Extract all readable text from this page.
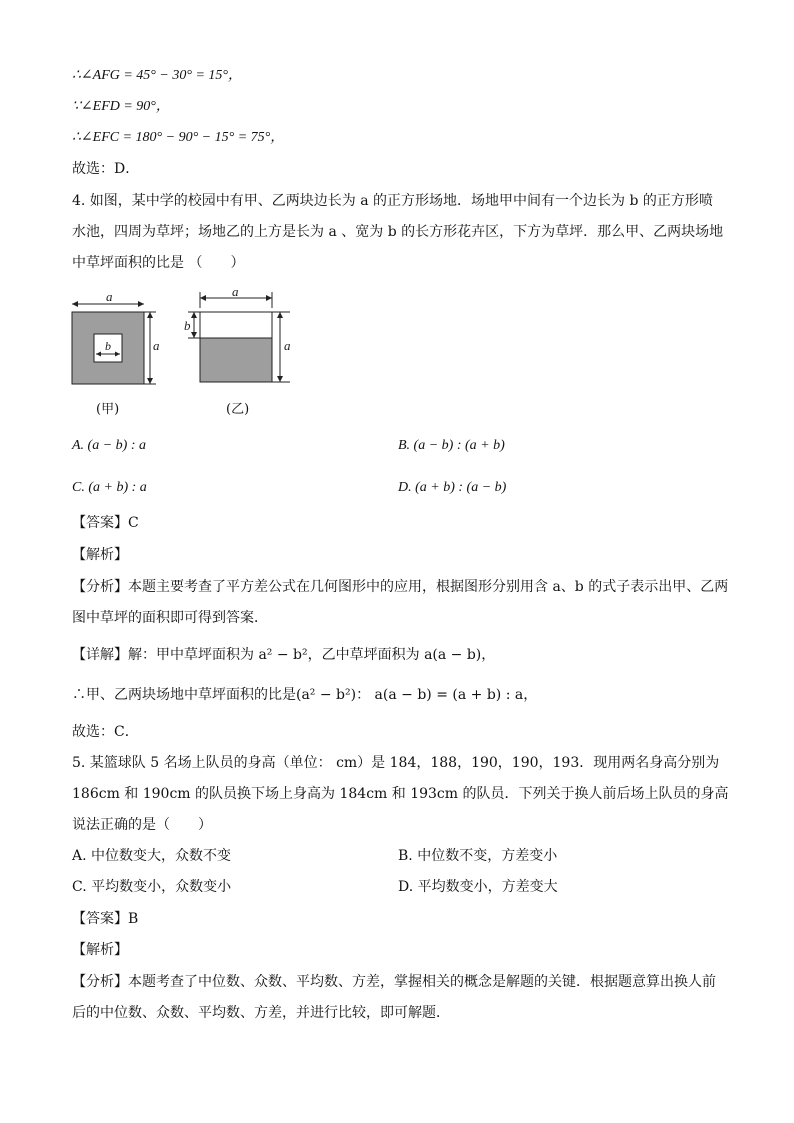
∴∠AFG = 45° − 30° = 15°，
∵∠EFD = 90°，
∴∠EFC = 180° − 90° − 15° = 75°，
故选：D．
4. 如图，某中学的校园中有甲、乙两块边长为 a 的正方形场地．场地甲中间有一个边长为 b 的正方形喷
水池，四周为草坪；场地乙的上方是长为 a 、宽为 b 的长方形花卉区，下方为草坪．那么甲、乙两块场地
中草坪面积的比是 （　　）
a
a
b
(甲)
a
b
a
(乙)
A. (a − b) : a	B. (a − b) : (a + b)
C. (a + b) : a	D. (a + b) : (a − b)
【答案】C
【解析】
【分析】本题主要考查了平方差公式在几何图形中的应用，根据图形分别用含 a、b 的式子表示出甲、乙两
图中草坪的面积即可得到答案．
【详解】解：甲中草坪面积为 a² − b²，乙中草坪面积为 a(a − b)，
∴甲、乙两块场地中草坪面积的比是(a² − b²)： a(a − b) = (a + b) : a，
故选：C．
5. 某篮球队 5 名场上队员的身高（单位： cm）是 184，188，190，190，193．现用两名身高分别为
186cm 和 190cm 的队员换下场上身高为 184cm 和 193cm 的队员．下列关于换人前后场上队员的身高
说法正确的是（　　）
A. 中位数变大，众数不变	B. 中位数不变，方差变小
C. 平均数变小，众数变小	D. 平均数变小，方差变大
【答案】B
【解析】
【分析】本题考查了中位数、众数、平均数、方差，掌握相关的概念是解题的关键．根据题意算出换人前
后的中位数、众数、平均数、方差，并进行比较，即可解题．
